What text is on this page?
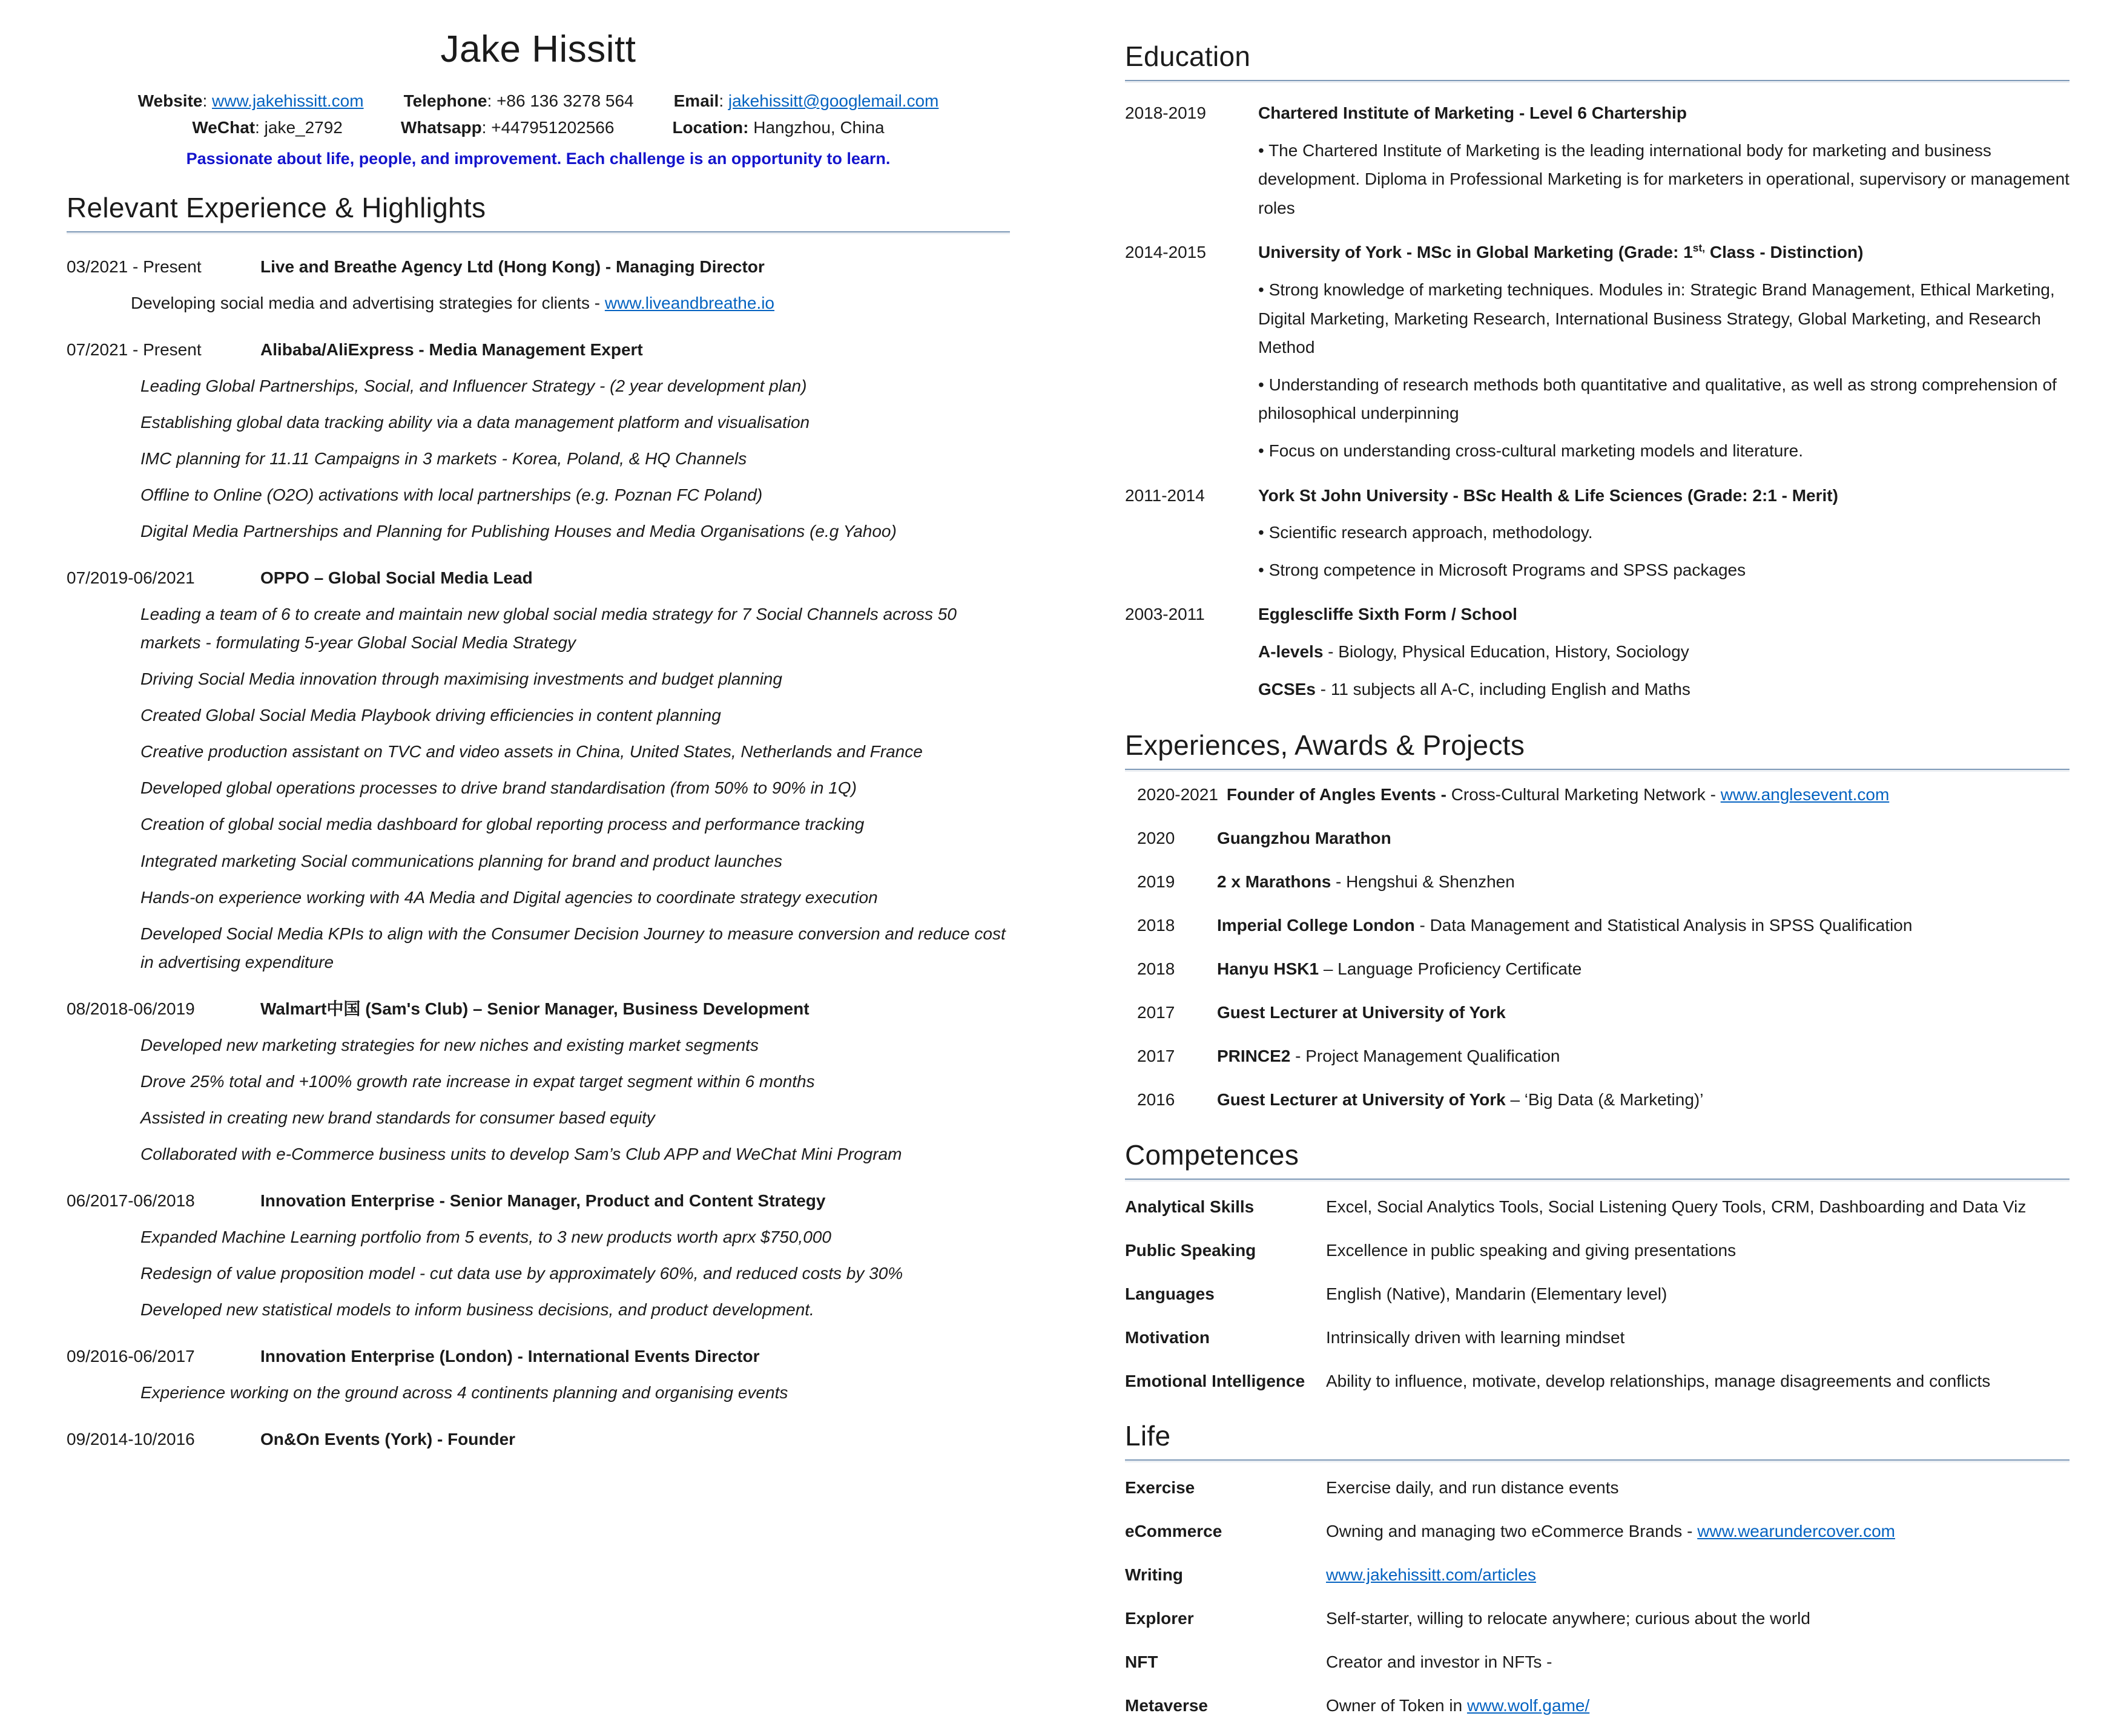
Jake Hissitt
Website: www.jakehissitt.com Telephone: +86 136 3278 564 Email: jakehissitt@googlemail.com
WeChat: jake_2792	Whatsapp: +447951202566	Location: Hangzhou, China
Passionate about life, people, and improvement. Each challenge is an opportunity to learn.
Relevant Experience & Highlights
03/2021 - Present	Live and Breathe Agency Ltd (Hong Kong) - Managing Director

Developing social media and advertising strategies for clients - www.liveandbreathe.io

07/2021 - Present	Alibaba/AliExpress - Media Management Expert

Leading Global Partnerships, Social, and Influencer Strategy - (2 year development plan)

Establishing global data tracking ability via a data management platform and visualisation

IMC planning for 11.11 Campaigns in 3 markets - Korea, Poland, & HQ Channels

Offline to Online (O2O) activations with local partnerships (e.g. Poznan FC Poland)

Digital Media Partnerships and Planning for Publishing Houses and Media Organisations (e.g Yahoo)

07/2019-06/2021	OPPO – Global Social Media Lead

Leading a team of 6 to create and maintain new global social media strategy for 7 Social Channels across 50 markets - formulating 5-year Global Social Media Strategy

Driving Social Media innovation through maximising investments and budget planning

Created Global Social Media Playbook driving efficiencies in content planning

Creative production assistant on TVC and video assets in China, United States, Netherlands and France

Developed global operations processes to drive brand standardisation (from 50% to 90% in 1Q)

Creation of global social media dashboard for global reporting process and performance tracking

Integrated marketing Social communications planning for brand and product launches

Hands-on experience working with 4A Media and Digital agencies to coordinate strategy execution

Developed Social Media KPIs to align with the Consumer Decision Journey to measure conversion and reduce cost in advertising expenditure

08/2018-06/2019	Walmart中国 (Sam's Club) – Senior Manager, Business Development

Developed new marketing strategies for new niches and existing market segments

Drove 25% total and +100% growth rate increase in expat target segment within 6 months

Assisted in creating new brand standards for consumer based equity

Collaborated with e-Commerce business units to develop Sam’s Club APP and WeChat Mini Program

06/2017-06/2018	Innovation Enterprise - Senior Manager, Product and Content Strategy

Expanded Machine Learning portfolio from 5 events, to 3 new products worth aprx $750,000

Redesign of value proposition model - cut data use by approximately 60%, and reduced costs by 30%

Developed new statistical models to inform business decisions, and product development.

09/2016-06/2017	Innovation Enterprise (London) - International Events Director

Experience working on the ground across 4 continents planning and organising events

09/2014-10/2016	On&On Events (York) - Founder
Education
2018-2019	Chartered Institute of Marketing - Level 6 Chartership

• The Chartered Institute of Marketing is the leading international body for marketing and business development. Diploma in Professional Marketing is for marketers in operational, supervisory or management roles

2014-2015	University of York - MSc in Global Marketing (Grade: $1^{st,}$ Class - Distinction)

• Strong knowledge of marketing techniques. Modules in: Strategic Brand Management, Ethical Marketing, Digital Marketing, Marketing Research, International Business Strategy, Global Marketing, and Research Method

• Understanding of research methods both quantitative and qualitative, as well as strong comprehension of philosophical underpinning

• Focus on understanding cross-cultural marketing models and literature.

2011-2014	York St John University - BSc Health & Life Sciences (Grade: 2:1 - Merit)

• Scientific research approach, methodology.

• Strong competence in Microsoft Programs and SPSS packages

2003-2011	Egglescliffe Sixth Form / School

A-levels - Biology, Physical Education, History, Sociology

GCSEs - 11 subjects all A-C, including English and Maths

Experiences, Awards & Projects

2020-2021 Founder of Angles Events - Cross-Cultural Marketing Network - www.anglesevent.com

2020	Guangzhou Marathon

2019	2 x Marathons - Hengshui & Shenzhen

2018	Imperial College London - Data Management and Statistical Analysis in SPSS Qualification

2018	Hanyu HSK1 – Language Proficiency Certificate

2017	Guest Lecturer at University of York

2017	PRINCE2 - Project Management Qualification

2016	Guest Lecturer at University of York – ‘Big Data (& Marketing)’

Competences

Analytical Skills	Excel, Social Analytics Tools, Social Listening Query Tools, CRM, Dashboarding and Data Viz

Public Speaking	Excellence in public speaking and giving presentations

Languages	English (Native), Mandarin (Elementary level)

Motivation	Intrinsically driven with learning mindset

Emotional Intelligence	Ability to influence, motivate, develop relationships, manage disagreements and conflicts

Life

Exercise	Exercise daily, and run distance events

eCommerce	Owning and managing two eCommerce Brands - www.wearundercover.com

Writing	www.jakehissitt.com/articles

Explorer	Self-starter, willing to relocate anywhere; curious about the world

NFT	Creator and investor in NFTs -

Metaverse	Owner of Token in www.wolf.game/
